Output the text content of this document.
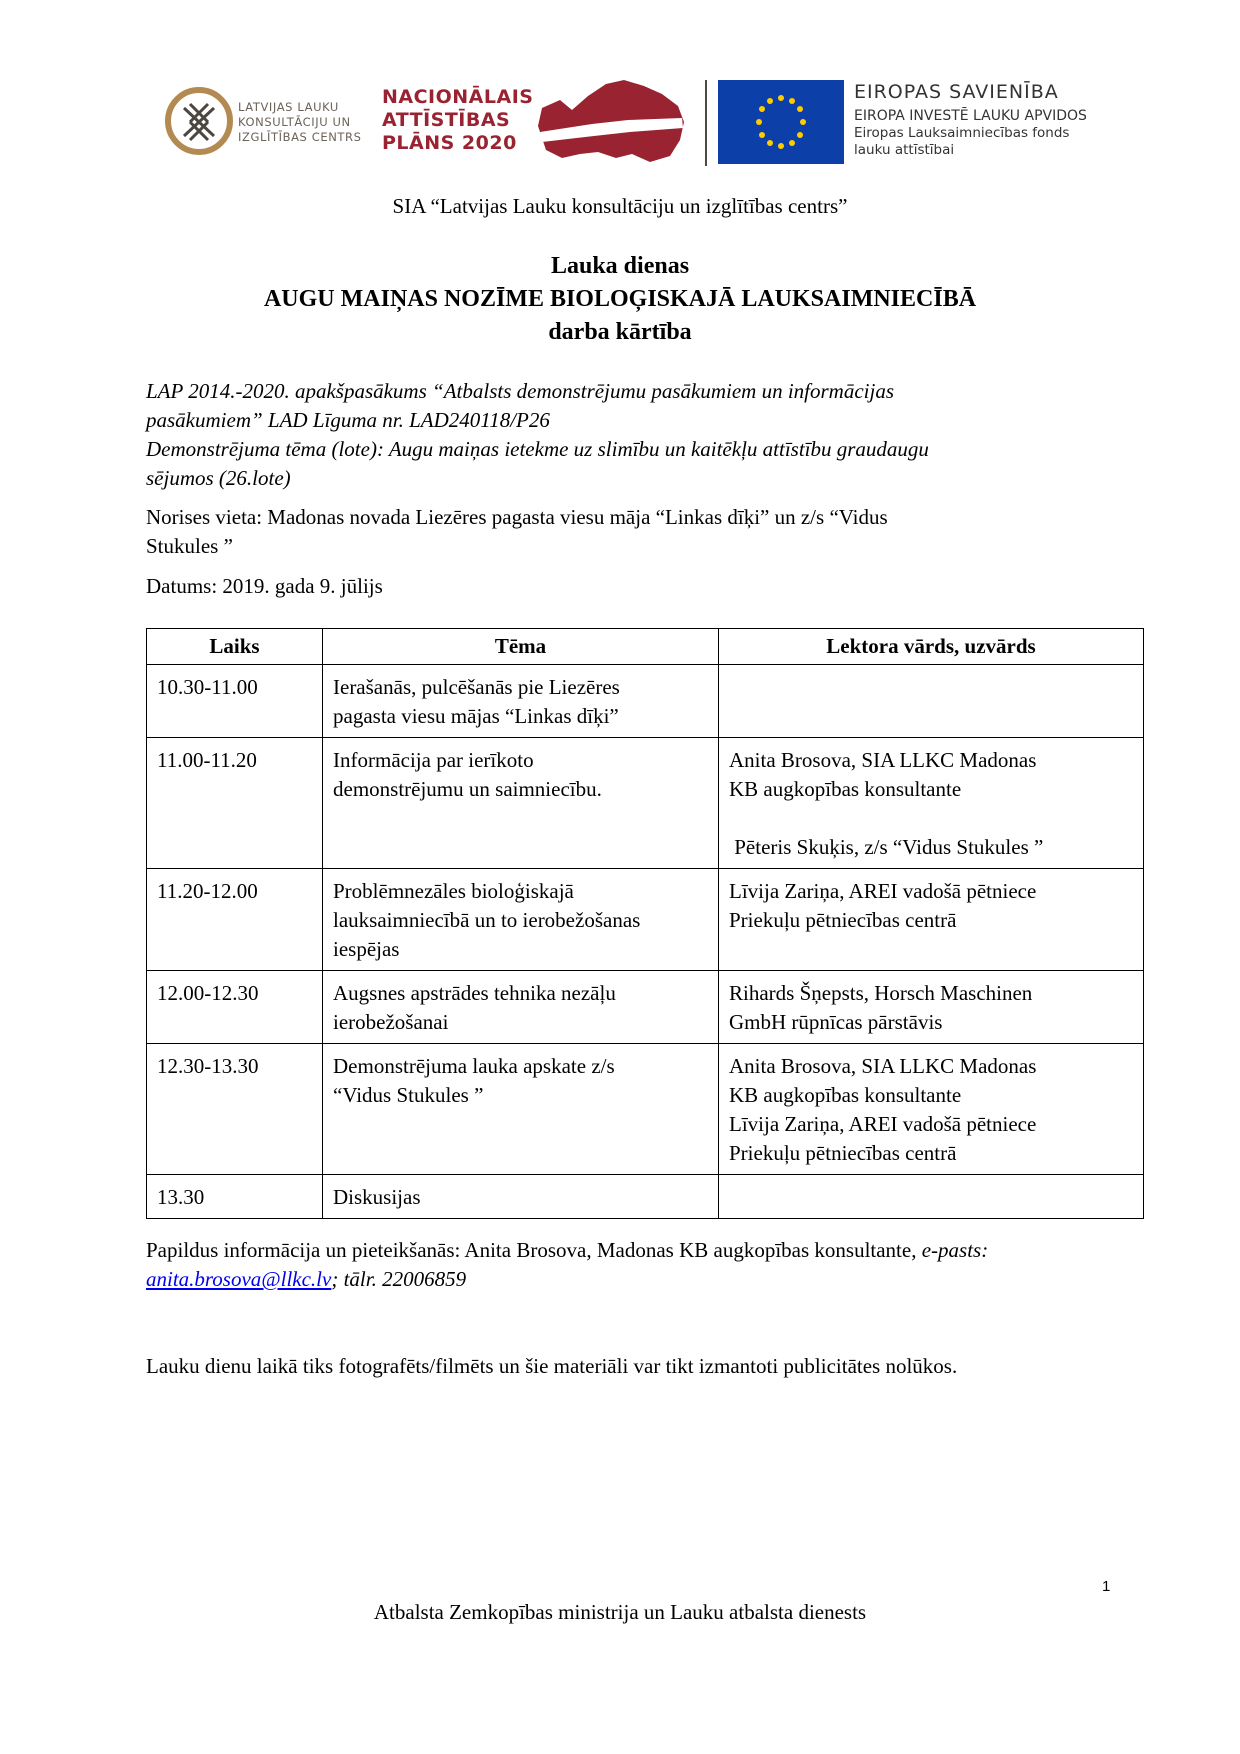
LATVIJAS LAUKU
KONSULTĀCIJU UN
IZGLĪTĪBAS CENTRS
NACIONĀLAIS
ATTĪSTĪBAS
PLĀNS 2020
EIROPAS SAVIENĪBA
EIROPA INVESTĒ LAUKU APVIDOS
Eiropas Lauksaimniecības fonds
lauku attīstībai
SIA “Latvijas Lauku konsultāciju un izglītības centrs”
Lauka dienas
AUGU MAIŅAS NOZĪME BIOLOĢISKAJĀ LAUKSAIMNIECĪBĀ
darba kārtība
LAP 2014.-2020. apakšpasākums “Atbalsts demonstrējumu pasākumiem un informācijas
pasākumiem” LAD Līguma nr. LAD240118/P26
Demonstrējuma tēma (lote): Augu maiņas ietekme uz slimību un kaitēkļu attīstību graudaugu
sējumos (26.lote)
Norises vieta: Madonas novada Liezēres pagasta viesu māja “Linkas dīķi” un z/s “Vidus
Stukules ”
Datums: 2019. gada 9. jūlijs
Laiks	Tēma	Lektora vārds, uzvārds
10.30-11.00	Ierašanās, pulcēšanās pie Liezēres
pagasta viesu mājas “Linkas dīķi”	

11.00-11.20	Informācija par ierīkoto
demonstrējumu un saimniecību.	Anita Brosova, SIA LLKC Madonas
KB augkopības konsultante
Pēteris Skuķis, z/s “Vidus Stukules ”

11.20-12.00	Problēmnezāles bioloģiskajā
lauksaimniecībā un to ierobežošanas
iespējas	Līvija Zariņa, AREI vadošā pētniece
Priekuļu pētniecības centrā

12.00-12.30	Augsnes apstrādes tehnika nezāļu
ierobežošanai	Rihards Šņepsts, Horsch Maschinen
GmbH rūpnīcas pārstāvis

12.30-13.30	Demonstrējuma lauka apskate z/s
“Vidus Stukules ”	Anita Brosova, SIA LLKC Madonas
KB augkopības konsultante
Līvija Zariņa, AREI vadošā pētniece
Priekuļu pētniecības centrā

13.30	Diskusijas	

Papildus informācija un pieteikšanās: Anita Brosova, Madonas KB augkopības konsultante, e-pasts: anita.brosova@llkc.lv; tālr. 22006859
Lauku dienu laikā tiks fotografēts/filmēts un šie materiāli var tikt izmantoti publicitātes nolūkos.
1
Atbalsta Zemkopības ministrija un Lauku atbalsta dienests
